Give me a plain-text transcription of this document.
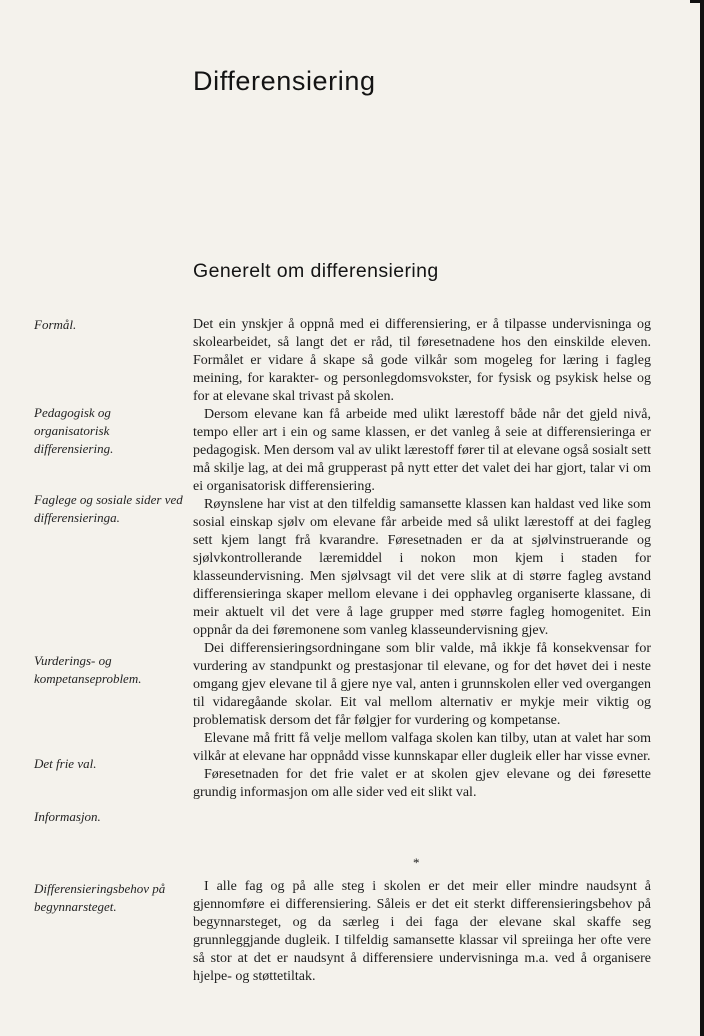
Differensiering
Generelt om differensiering
Formål.
Pedagogisk og organisatorisk differensiering.
Faglege og sosiale sider ved differensieringa.
Vurderings- og kompetanseproblem.
Det frie val.
Informasjon.
Differensieringsbehov på begynnarsteget.

Det ein ynskjer å oppnå med ei differensiering, er å tilpasse undervisninga og skolearbeidet, så langt det er råd, til føresetnadene hos den einskilde eleven. Formålet er vidare å skape så gode vilkår som mogeleg for læring i fagleg meining, for karakter- og personlegdomsvokster, for fysisk og psykisk helse og for at elevane skal trivast på skolen.

Dersom elevane kan få arbeide med ulikt lærestoff både når det gjeld nivå, tempo eller art i ein og same klassen, er det vanleg å seie at differensieringa er pedagogisk. Men dersom val av ulikt lærestoff fører til at elevane også sosialt sett må skilje lag, at dei må grupperast på nytt etter det valet dei har gjort, talar vi om ei organisatorisk differensiering.

Røynslene har vist at den tilfeldig samansette klassen kan haldast ved like som sosial einskap sjølv om elevane får arbeide med så ulikt lærestoff at dei fagleg sett kjem langt frå kvarandre. Føresetnaden er da at sjølvinstruerande og sjølvkontrollerande læremiddel i nokon mon kjem i staden for klasseundervisning. Men sjølvsagt vil det vere slik at di større fagleg avstand differensieringa skaper mellom elevane i dei opphavleg organiserte klassane, di meir aktuelt vil det vere å lage grupper med større fagleg homogenitet. Ein oppnår da dei føremonene som vanleg klasseundervisning gjev.

Dei differensieringsordningane som blir valde, må ikkje få konsekvensar for vurdering av standpunkt og prestasjonar til elevane, og for det høvet dei i neste omgang gjev elevane til å gjere nye val, anten i grunnskolen eller ved overgangen til vidaregåande skolar. Eit val mellom alternativ er mykje meir viktig og problematisk dersom det får følgjer for vurdering og kompetanse.

Elevane må fritt få velje mellom valfaga skolen kan tilby, utan at valet har som vilkår at elevane har oppnådd visse kunnskapar eller dugleik eller har visse evner.

Føresetnaden for det frie valet er at skolen gjev elevane og dei føresette grundig informasjon om alle sider ved eit slikt val.

*

I alle fag og på alle steg i skolen er det meir eller mindre naudsynt å gjennomføre ei differensiering. Såleis er det eit sterkt differensieringsbehov på begynnarsteget, og da særleg i dei faga der elevane skal skaffe seg grunnleggjande dugleik. I tilfeldig samansette klassar vil spreiinga her ofte vere så stor at det er naudsynt å differensiere undervisninga m.a. ved å organisere hjelpe- og støttetiltak.
